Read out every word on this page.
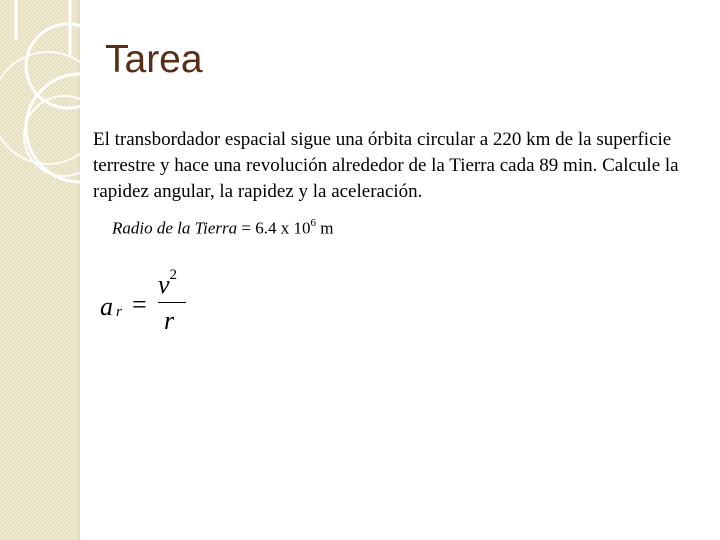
Tarea

El transbordador espacial sigue una órbita circular a 220 km de la superficie terrestre y hace una revolución alrededor de la Tierra cada 89 min. Calcule la rapidez angular, la rapidez y la aceleración.

Radio de la Tierra = 6.4 x $10^6$ m
a r =
$v^2$
r
